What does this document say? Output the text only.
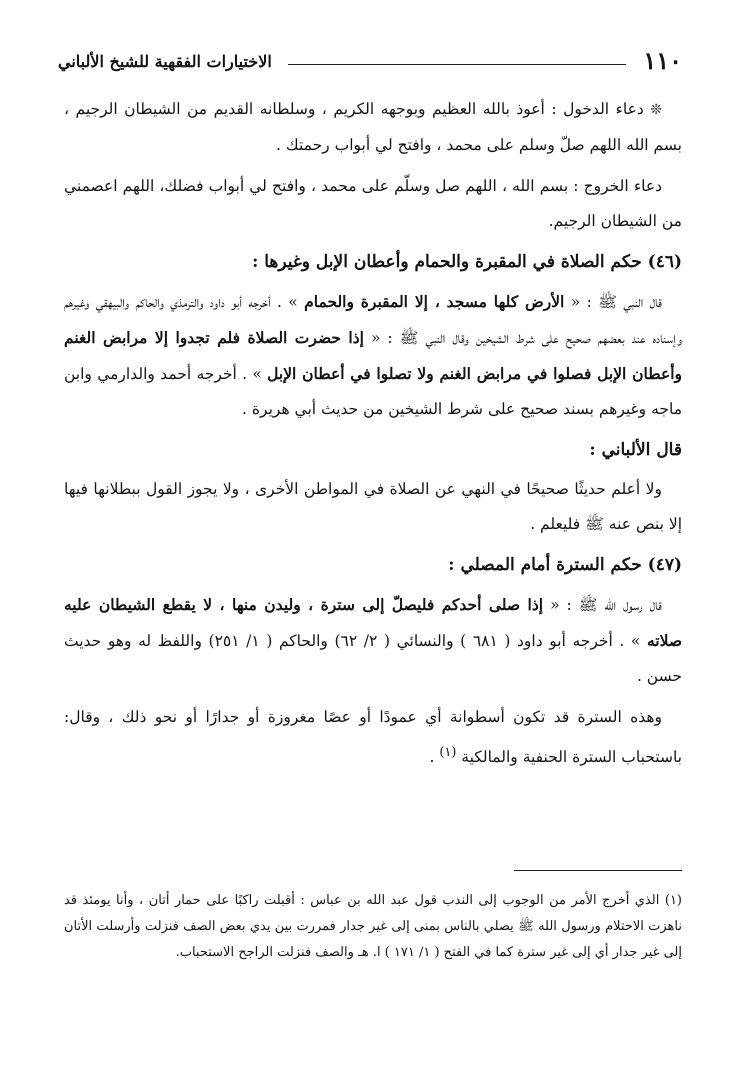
١١٠
الاختيارات الفقهية للشيخ الألباني

❊ دعاء الدخول : أعوذ بالله العظيم وبوجهه الكريم ، وسلطانه القديم من الشيطان الرجيم ، بسم الله اللهم صلّ وسلم على محمد ، وافتح لي أبواب رحمتك .

دعاء الخروج : بسم الله ، اللهم صل وسلّم على محمد ، وافتح لي أبواب فضلك، اللهم اعصمني من الشيطان الرجيم.

(٤٦) حكم الصلاة في المقبرة والحمام وأعطان الإبل وغيرها :

قال النبي ﷺ : « الأرض كلها مسجد ، إلا المقبرة والحمام » . أخرجه أبو داود والترمذي والحاكم والبيهقي وغيرهم وإسناده عند بعضهم صحيح على شرط الشيخين وقال النبي ﷺ : « إذا حضرت الصلاة فلم تجدوا إلا مرابض الغنم وأعطان الإبل فصلوا في مرابض الغنم ولا تصلوا في أعطان الإبل » . أخرجه أحمد والدارمي وابن ماجه وغيرهم بسند صحيح على شرط الشيخين من حديث أبي هريرة .

قال الألباني :

ولا أعلم حديثًا صحيحًا في النهي عن الصلاة في المواطن الأخرى ، ولا يجوز القول ببطلانها فيها إلا بنص عنه ﷺ فليعلم .

(٤٧) حكم السترة أمام المصلي :

قال رسول الله ﷺ : « إذا صلى أحدكم فليصلّ إلى سترة ، وليدن منها ، لا يقطع الشيطان عليه صلاته » . أخرجه أبو داود ( ٦٨١ ) والنسائي ( ٢/ ٦٢) والحاكم ( ١/ ٢٥١) واللفظ له وهو حديث حسن .

وهذه السترة قد تكون أسطوانة أي عمودًا أو عصًا مغروزة أو جدارًا أو نحو ذلك ، وقال: باستحباب السترة الحنفية والمالكية $^{(١)}$ .

(١) الذي أخرج الأمر من الوجوب إلى الندب قول عبد الله بن عباس : أقبلت راكبًا على حمار أتان ، وأنا يومئذ قد ناهزت الاحتلام ورسول الله ﷺ يصلي بالناس بمنى إلى غير جدار فمررت بين يدي بعض الصف فنزلت وأرسلت الأتان إلى غير جدار أي إلى غير سترة كما في الفتح ( ١/ ١٧١ ) ا. هـ والصف فنزلت الراجح الاستحباب.
